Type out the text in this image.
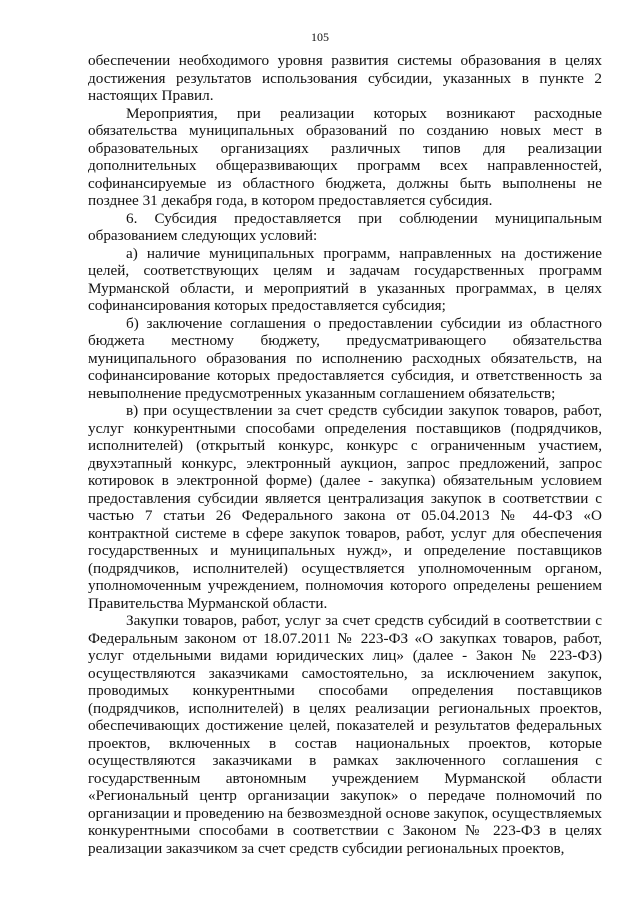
105

обеспечении необходимого уровня развития системы образования в целях достижения результатов использования субсидии, указанных в пункте 2 настоящих Правил.

Мероприятия, при реализации которых возникают расходные обязательства муниципальных образований по созданию новых мест в образовательных организациях различных типов для реализации дополнительных общеразвивающих программ всех направленностей, софинансируемые из областного бюджета, должны быть выполнены не позднее 31 декабря года, в котором предоставляется субсидия.

6. Субсидия предоставляется при соблюдении муниципальным образованием следующих условий:

а) наличие муниципальных программ, направленных на достижение целей, соответствующих целям и задачам государственных программ Мурманской области, и мероприятий в указанных программах, в целях софинансирования которых предоставляется субсидия;

б) заключение соглашения о предоставлении субсидии из областного бюджета местному бюджету, предусматривающего обязательства муниципального образования по исполнению расходных обязательств, на софинансирование которых предоставляется субсидия, и ответственность за невыполнение предусмотренных указанным соглашением обязательств;

в) при осуществлении за счет средств субсидии закупок товаров, работ, услуг конкурентными способами определения поставщиков (подрядчиков, исполнителей) (открытый конкурс, конкурс с ограниченным участием, двухэтапный конкурс, электронный аукцион, запрос предложений, запрос котировок в электронной форме) (далее - закупка) обязательным условием предоставления субсидии является централизация закупок в соответствии с частью 7 статьи 26 Федерального закона от 05.04.2013 № 44-ФЗ «О контрактной системе в сфере закупок товаров, работ, услуг для обеспечения государственных и муниципальных нужд», и определение поставщиков (подрядчиков, исполнителей) осуществляется уполномоченным органом, уполномоченным учреждением, полномочия которого определены решением Правительства Мурманской области.

Закупки товаров, работ, услуг за счет средств субсидий в соответствии с Федеральным законом от 18.07.2011 № 223-ФЗ «О закупках товаров, работ, услуг отдельными видами юридических лиц» (далее - Закон № 223-ФЗ) осуществляются заказчиками самостоятельно, за исключением закупок, проводимых конкурентными способами определения поставщиков (подрядчиков, исполнителей) в целях реализации региональных проектов, обеспечивающих достижение целей, показателей и результатов федеральных проектов, включенных в состав национальных проектов, которые осуществляются заказчиками в рамках заключенного соглашения с государственным автономным учреждением Мурманской области «Региональный центр организации закупок» о передаче полномочий по организации и проведению на безвозмездной основе закупок, осуществляемых конкурентными способами в соответствии с Законом № 223-ФЗ в целях реализации заказчиком за счет средств субсидии региональных проектов,
